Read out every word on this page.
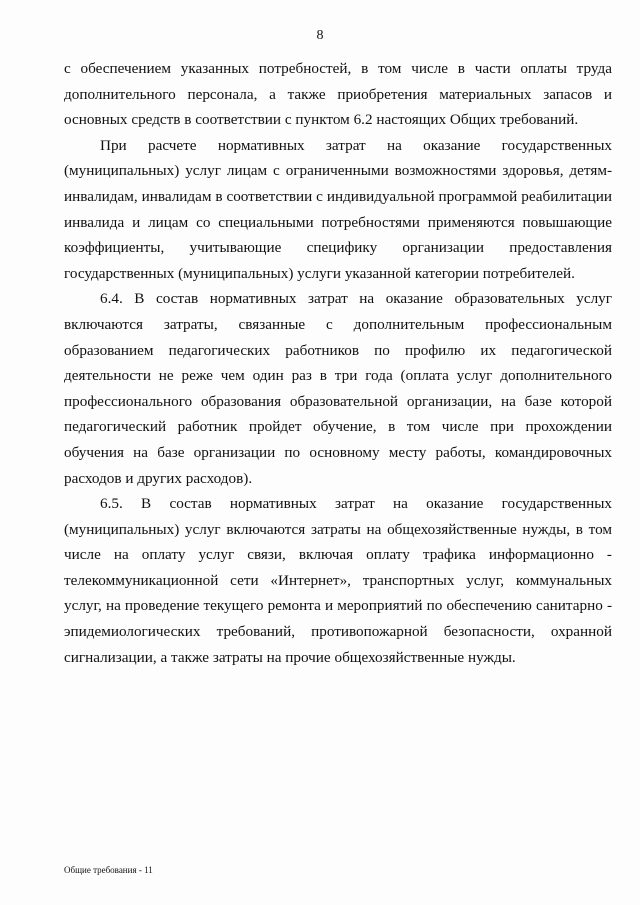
8

с обеспечением указанных потребностей, в том числе в части оплаты труда дополнительного персонала, а также приобретения материальных запасов и основных средств в соответствии с пунктом 6.2 настоящих Общих требований.

При расчете нормативных затрат на оказание государственных (муниципальных) услуг лицам с ограниченными возможностями здоровья, детям-инвалидам, инвалидам в соответствии с индивидуальной программой реабилитации инвалида и лицам со специальными потребностями применяются повышающие коэффициенты, учитывающие специфику организации предоставления государственных (муниципальных) услуги указанной категории потребителей.

6.4. В состав нормативных затрат на оказание образовательных услуг включаются затраты, связанные с дополнительным профессиональным образованием педагогических работников по профилю их педагогической деятельности не реже чем один раз в три года (оплата услуг дополнительного профессионального образования образовательной организации, на базе которой педагогический работник пройдет обучение, в том числе при прохождении обучения на базе организации по основному месту работы, командировочных расходов и других расходов).

6.5. В состав нормативных затрат на оказание государственных (муниципальных) услуг включаются затраты на общехозяйственные нужды, в том числе на оплату услуг связи, включая оплату трафика информационно - телекоммуникационной сети «Интернет», транспортных услуг, коммунальных услуг, на проведение текущего ремонта и мероприятий по обеспечению санитарно - эпидемиологических требований, противопожарной безопасности, охранной сигнализации, а также затраты на прочие общехозяйственные нужды.

Общие требования - 11
